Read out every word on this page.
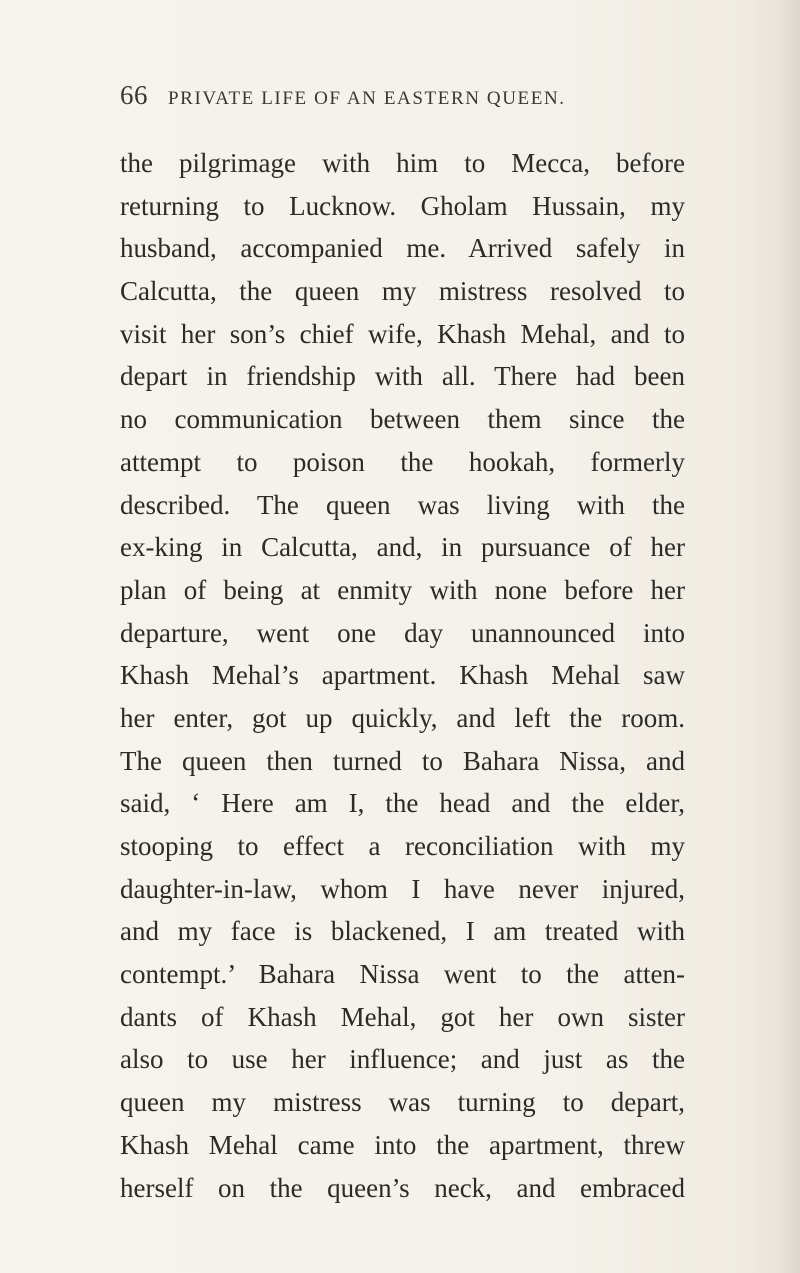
66 PRIVATE LIFE OF AN EASTERN QUEEN.
the pilgrimage with him to Mecca, before
returning to Lucknow. Gholam Hussain, my
husband, accompanied me. Arrived safely in
Calcutta, the queen my mistress resolved to
visit her son’s chief wife, Khash Mehal, and to
depart in friendship with all. There had been
no communication between them since the
attempt to poison the hookah, formerly
described. The queen was living with the
ex-king in Calcutta, and, in pursuance of her
plan of being at enmity with none before her
departure, went one day unannounced into
Khash Mehal’s apartment. Khash Mehal saw
her enter, got up quickly, and left the room.
The queen then turned to Bahara Nissa, and
said, ‘ Here am I, the head and the elder,
stooping to effect a reconciliation with my
daughter-in-law, whom I have never injured,
and my face is blackened, I am treated with
contempt.’ Bahara Nissa went to the atten-
dants of Khash Mehal, got her own sister
also to use her influence; and just as the
queen my mistress was turning to depart,
Khash Mehal came into the apartment, threw
herself on the queen’s neck, and embraced
